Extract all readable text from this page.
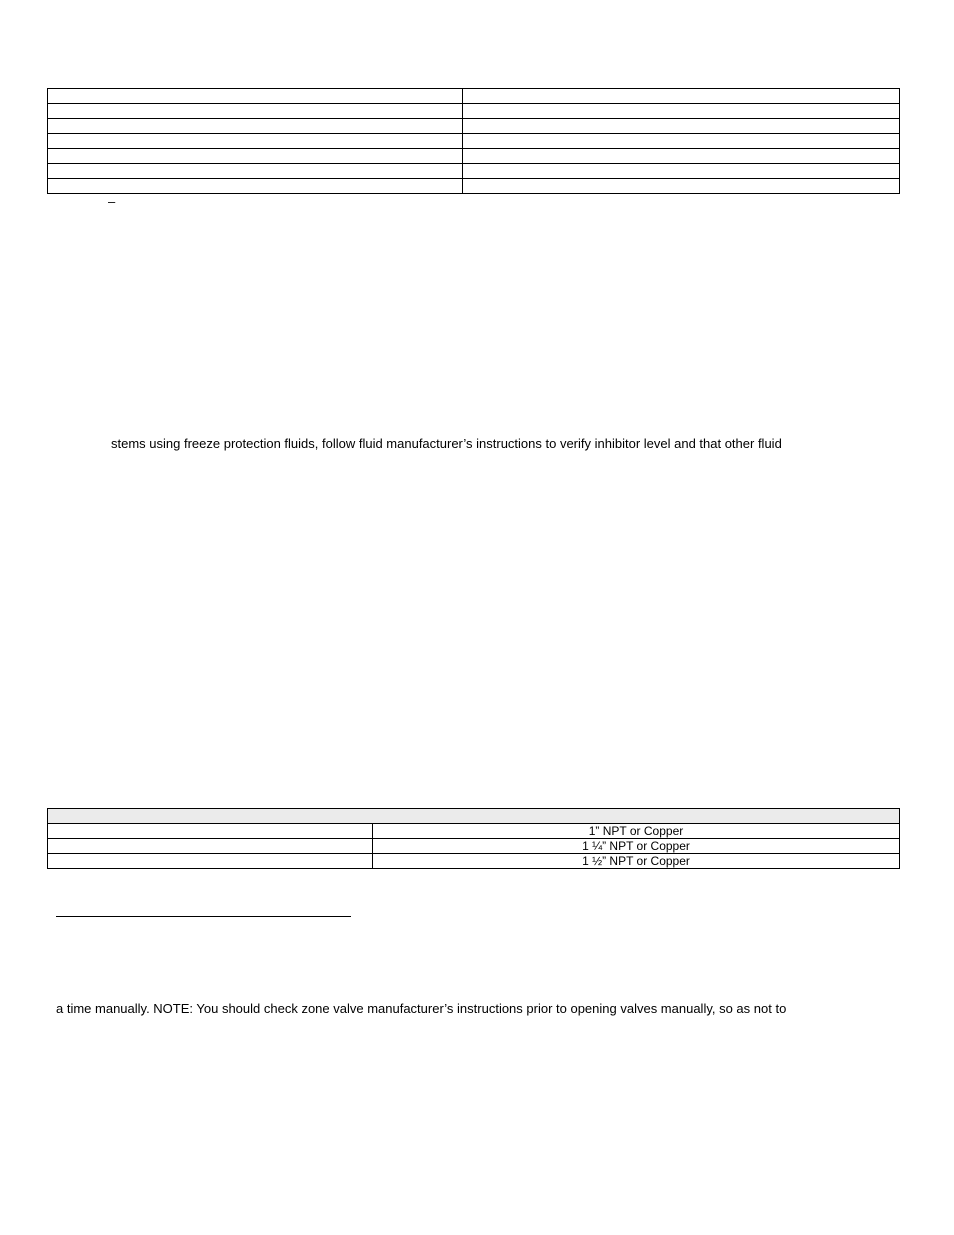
–
stems using freeze protection fluids, follow fluid manufacturer’s instructions to verify inhibitor level and that other fluid

	1” NPT or Copper
	1 ¼” NPT or Copper
	1 ½” NPT or Copper
a time manually. NOTE: You should check zone valve manufacturer’s instructions prior to opening valves manually, so as not to
